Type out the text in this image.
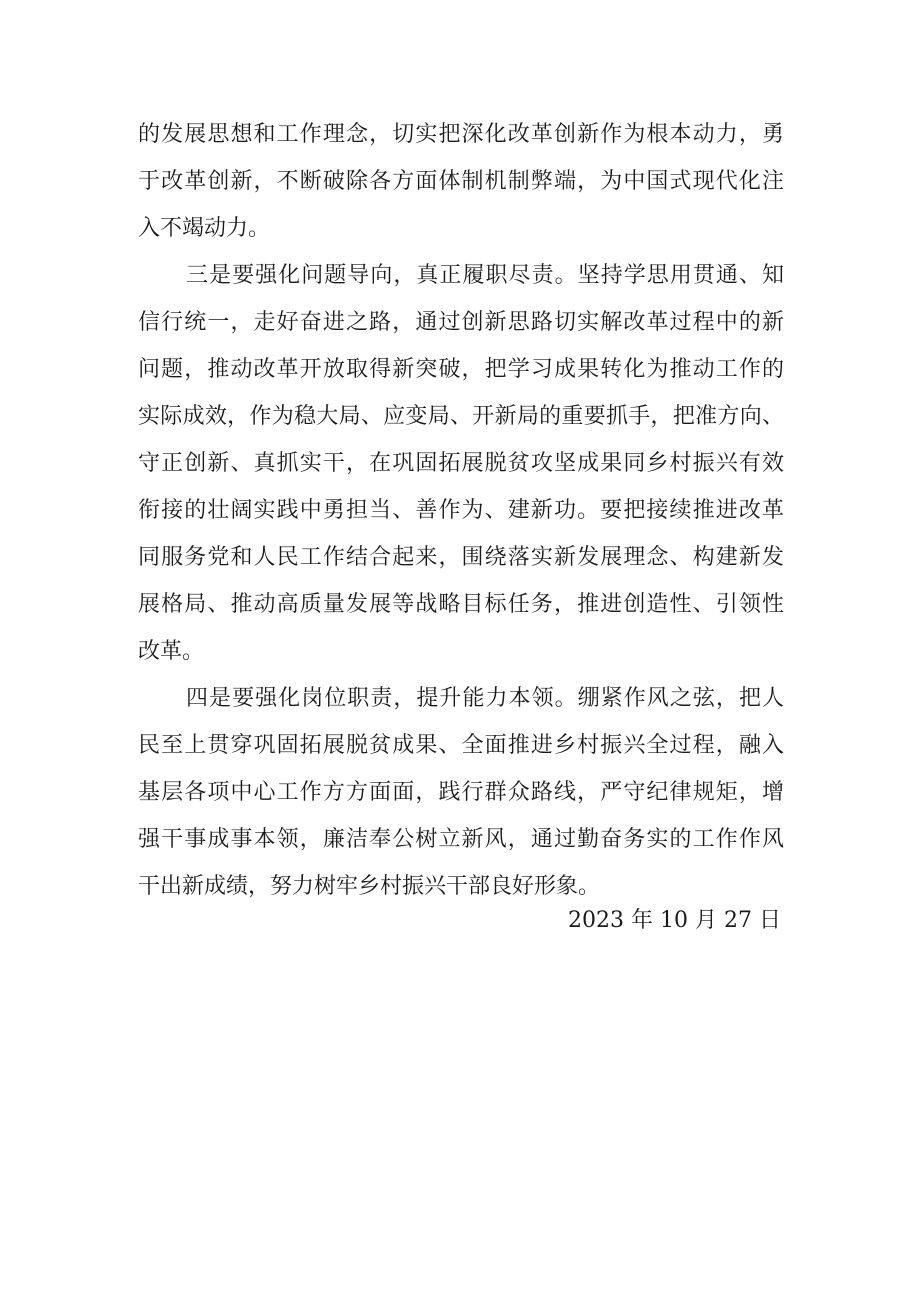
的发展思想和工作理念，切实把深化改革创新作为根本动力，勇
于改革创新，不断破除各方面体制机制弊端，为中国式现代化注
入不竭动力。
三是要强化问题导向，真正履职尽责。坚持学思用贯通、知
信行统一，走好奋进之路，通过创新思路切实解改革过程中的新
问题，推动改革开放取得新突破，把学习成果转化为推动工作的
实际成效，作为稳大局、应变局、开新局的重要抓手，把准方向、
守正创新、真抓实干，在巩固拓展脱贫攻坚成果同乡村振兴有效
衔接的壮阔实践中勇担当、善作为、建新功。要把接续推进改革
同服务党和人民工作结合起来，围绕落实新发展理念、构建新发
展格局、推动高质量发展等战略目标任务，推进创造性、引领性
改革。
四是要强化岗位职责，提升能力本领。绷紧作风之弦，把人
民至上贯穿巩固拓展脱贫成果、全面推进乡村振兴全过程，融入
基层各项中心工作方方面面，践行群众路线，严守纪律规矩，增
强干事成事本领，廉洁奉公树立新风，通过勤奋务实的工作作风
干出新成绩，努力树牢乡村振兴干部良好形象。
2023 年 10 月 27 日
